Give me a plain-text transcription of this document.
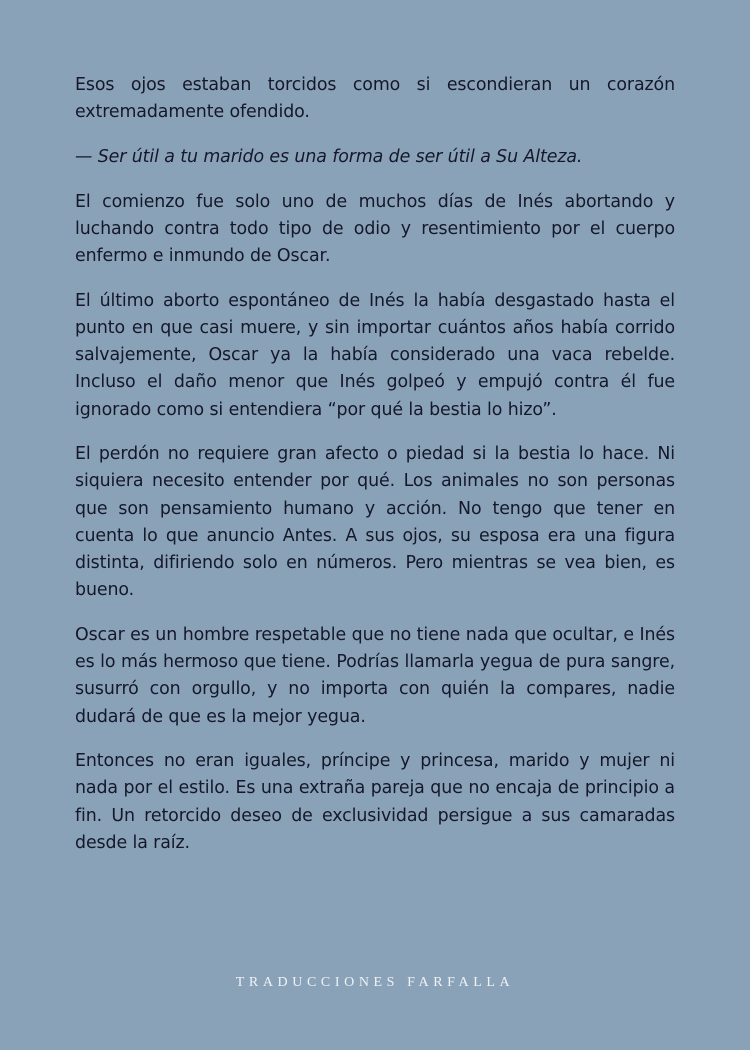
Esos ojos estaban torcidos como si escondieran un corazón extremadamente ofendido.

— Ser útil a tu marido es una forma de ser útil a Su Alteza.

El comienzo fue solo uno de muchos días de Inés abortando y luchando contra todo tipo de odio y resentimiento por el cuerpo enfermo e inmundo de Oscar.

El último aborto espontáneo de Inés la había desgastado hasta el punto en que casi muere, y sin importar cuántos años había corrido salvajemente, Oscar ya la había considerado una vaca rebelde. Incluso el daño menor que Inés golpeó y empujó contra él fue ignorado como si entendiera “por qué la bestia lo hizo”.

El perdón no requiere gran afecto o piedad si la bestia lo hace. Ni siquiera necesito entender por qué. Los animales no son personas que son pensamiento humano y acción. No tengo que tener en cuenta lo que anuncio Antes. A sus ojos, su esposa era una figura distinta, difiriendo solo en números. Pero mientras se vea bien, es bueno.

Oscar es un hombre respetable que no tiene nada que ocultar, e Inés es lo más hermoso que tiene. Podrías llamarla yegua de pura sangre, susurró con orgullo, y no importa con quién la compares, nadie dudará de que es la mejor yegua.

Entonces no eran iguales, príncipe y princesa, marido y mujer ni nada por el estilo. Es una extraña pareja que no encaja de principio a fin. Un retorcido deseo de exclusividad persigue a sus camaradas desde la raíz.

TRADUCCIONES FARFALLA
